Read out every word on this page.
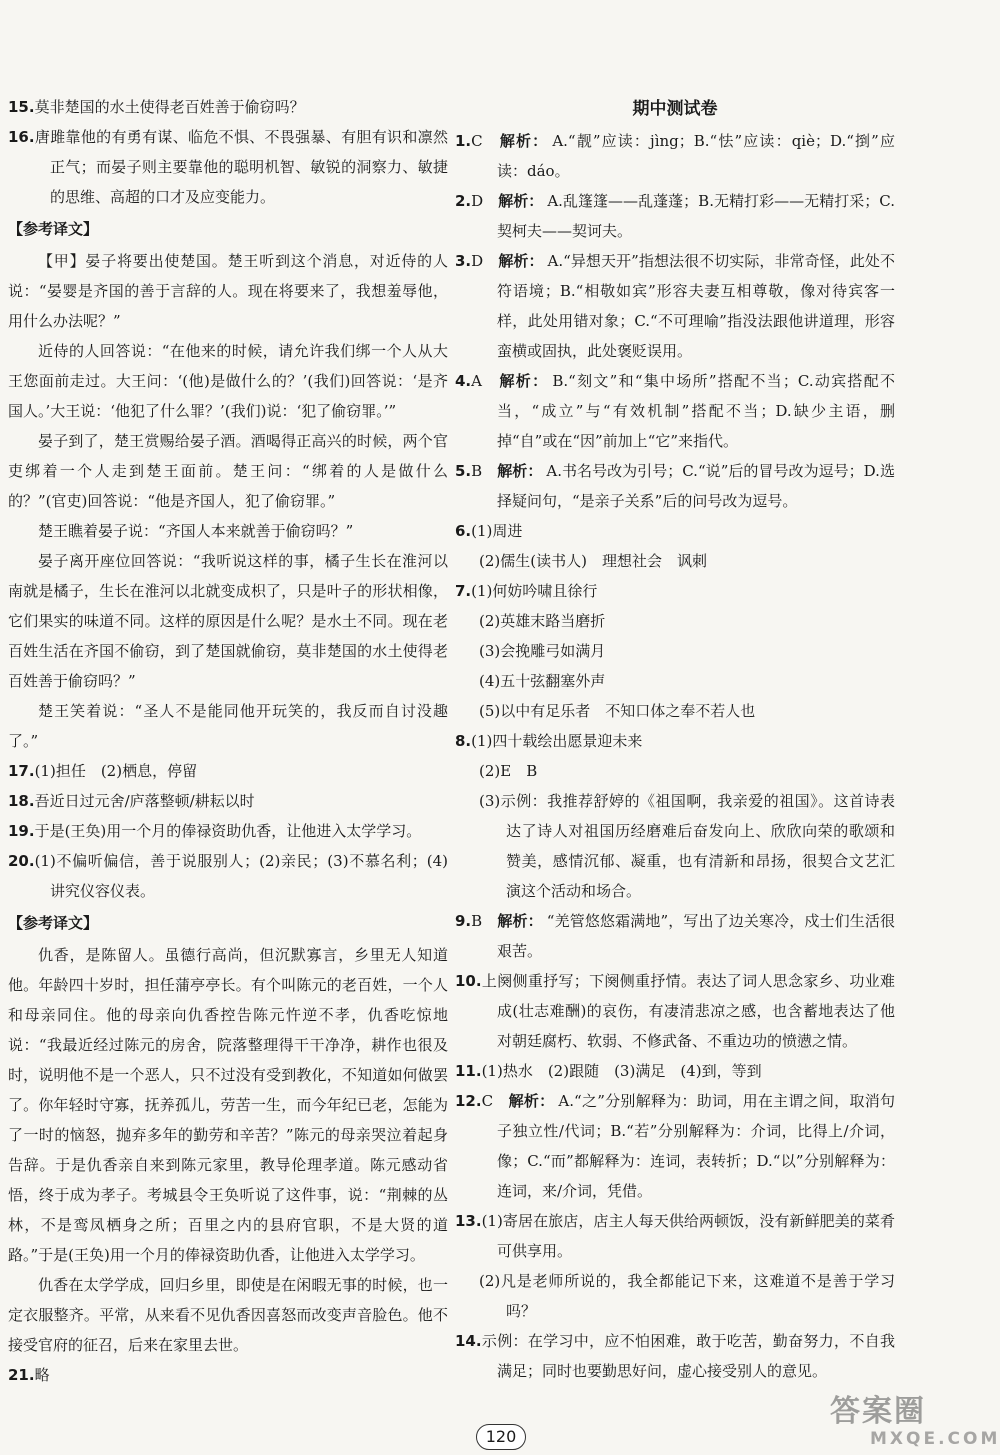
15.莫非楚国的水土使得老百姓善于偷窃吗？

16.唐雎靠他的有勇有谋、临危不惧、不畏强暴、有胆有识和凛然正气；而晏子则主要靠他的聪明机智、敏锐的洞察力、敏捷的思维、高超的口才及应变能力。

【参考译文】

【甲】晏子将要出使楚国。楚王听到这个消息，对近侍的人说：“晏婴是齐国的善于言辞的人。现在将要来了，我想羞辱他，用什么办法呢？”

近侍的人回答说：“在他来的时候，请允许我们绑一个人从大王您面前走过。大王问：‘(他)是做什么的？’(我们)回答说：‘是齐国人。’大王说：‘他犯了什么罪？’(我们)说：‘犯了偷窃罪。’”

晏子到了，楚王赏赐给晏子酒。酒喝得正高兴的时候，两个官吏绑着一个人走到楚王面前。楚王问：“绑着的人是做什么的？”(官吏)回答说：“他是齐国人，犯了偷窃罪。”

楚王瞧着晏子说：“齐国人本来就善于偷窃吗？”

晏子离开座位回答说：“我听说这样的事，橘子生长在淮河以南就是橘子，生长在淮河以北就变成枳了，只是叶子的形状相像，它们果实的味道不同。这样的原因是什么呢？是水土不同。现在老百姓生活在齐国不偷窃，到了楚国就偷窃，莫非楚国的水土使得老百姓善于偷窃吗？”

楚王笑着说：“圣人不是能同他开玩笑的，我反而自讨没趣了。”

17.(1)担任　(2)栖息，停留

18.吾近日过元舍/庐落整顿/耕耘以时

19.于是(王奂)用一个月的俸禄资助仇香，让他进入太学学习。

20.(1)不偏听偏信，善于说服别人；(2)亲民；(3)不慕名利；(4)讲究仪容仪表。

【参考译文】

仇香，是陈留人。虽德行高尚，但沉默寡言，乡里无人知道他。年龄四十岁时，担任蒲亭亭长。有个叫陈元的老百姓，一个人和母亲同住。他的母亲向仇香控告陈元忤逆不孝，仇香吃惊地说：“我最近经过陈元的房舍，院落整理得干干净净，耕作也很及时，说明他不是一个恶人，只不过没有受到教化，不知道如何做罢了。你年轻时守寡，抚养孤儿，劳苦一生，而今年纪已老，怎能为了一时的恼怒，抛弃多年的勤劳和辛苦？”陈元的母亲哭泣着起身告辞。于是仇香亲自来到陈元家里，教导伦理孝道。陈元感动省悟，终于成为孝子。考城县令王奂听说了这件事，说：“荆棘的丛林，不是鸾凤栖身之所；百里之内的县府官职，不是大贤的道路。”于是(王奂)用一个月的俸禄资助仇香，让他进入太学学习。

仇香在太学学成，回归乡里，即使是在闲暇无事的时候，也一定衣服整齐。平常，从来看不见仇香因喜怒而改变声音脸色。他不接受官府的征召，后来在家里去世。

21.略

期中测试卷

1.C　 解析： A.“靓”应读：jìng；B.“怯”应读：qiè；D.“捯”应读：dáo。

2.D　 解析： A.乱篷篷——乱蓬蓬；B.无精打彩——无精打采；C.契柯夫——契诃夫。

3.D　 解析： A.“异想天开”指想法很不切实际，非常奇怪，此处不符语境；B.“相敬如宾”形容夫妻互相尊敬，像对待宾客一样，此处用错对象；C.“不可理喻”指没法跟他讲道理，形容蛮横或固执，此处褒贬误用。

4.A　 解析： B.“刻文”和“集中场所”搭配不当；C.动宾搭配不当，“成立”与“有效机制”搭配不当；D.缺少主语，删掉“自”或在“因”前加上“它”来指代。

5.B　 解析： A.书名号改为引号；C.“说”后的冒号改为逗号；D.选择疑问句，“是亲子关系”后的问号改为逗号。

6.(1)周进

(2)儒生(读书人)　理想社会　讽刺

7.(1)何妨吟啸且徐行

(2)英雄末路当磨折

(3)会挽雕弓如满月

(4)五十弦翻塞外声

(5)以中有足乐者　不知口体之奉不若人也

8.(1)四十载绘出愿景迎未来

(2)E　B

(3)示例：我推荐舒婷的《祖国啊，我亲爱的祖国》。这首诗表达了诗人对祖国历经磨难后奋发向上、欣欣向荣的歌颂和赞美，感情沉郁、凝重，也有清新和昂扬，很契合文艺汇演这个活动和场合。

9.B　 解析： “羌管悠悠霜满地”，写出了边关寒冷，戍士们生活很艰苦。

10.上阕侧重抒写；下阕侧重抒情。表达了词人思念家乡、功业难成(壮志难酬)的哀伤，有凄清悲凉之感，也含蓄地表达了他对朝廷腐朽、软弱、不修武备、不重边功的愤懑之情。

11.(1)热水　(2)跟随　(3)满足　(4)到，等到

12.C　 解析： A.“之”分别解释为：助词，用在主谓之间，取消句子独立性/代词；B.“若”分别解释为：介词，比得上/介词，像；C.“而”都解释为：连词，表转折；D.“以”分别解释为：连词，来/介词，凭借。

13.(1)寄居在旅店，店主人每天供给两顿饭，没有新鲜肥美的菜肴可供享用。

(2)凡是老师所说的，我全都能记下来，这难道不是善于学习吗？

14.示例：在学习中，应不怕困难，敢于吃苦，勤奋努力，不自我满足；同时也要勤思好问，虚心接受别人的意见。

120
答案圈
MXQE.COM
